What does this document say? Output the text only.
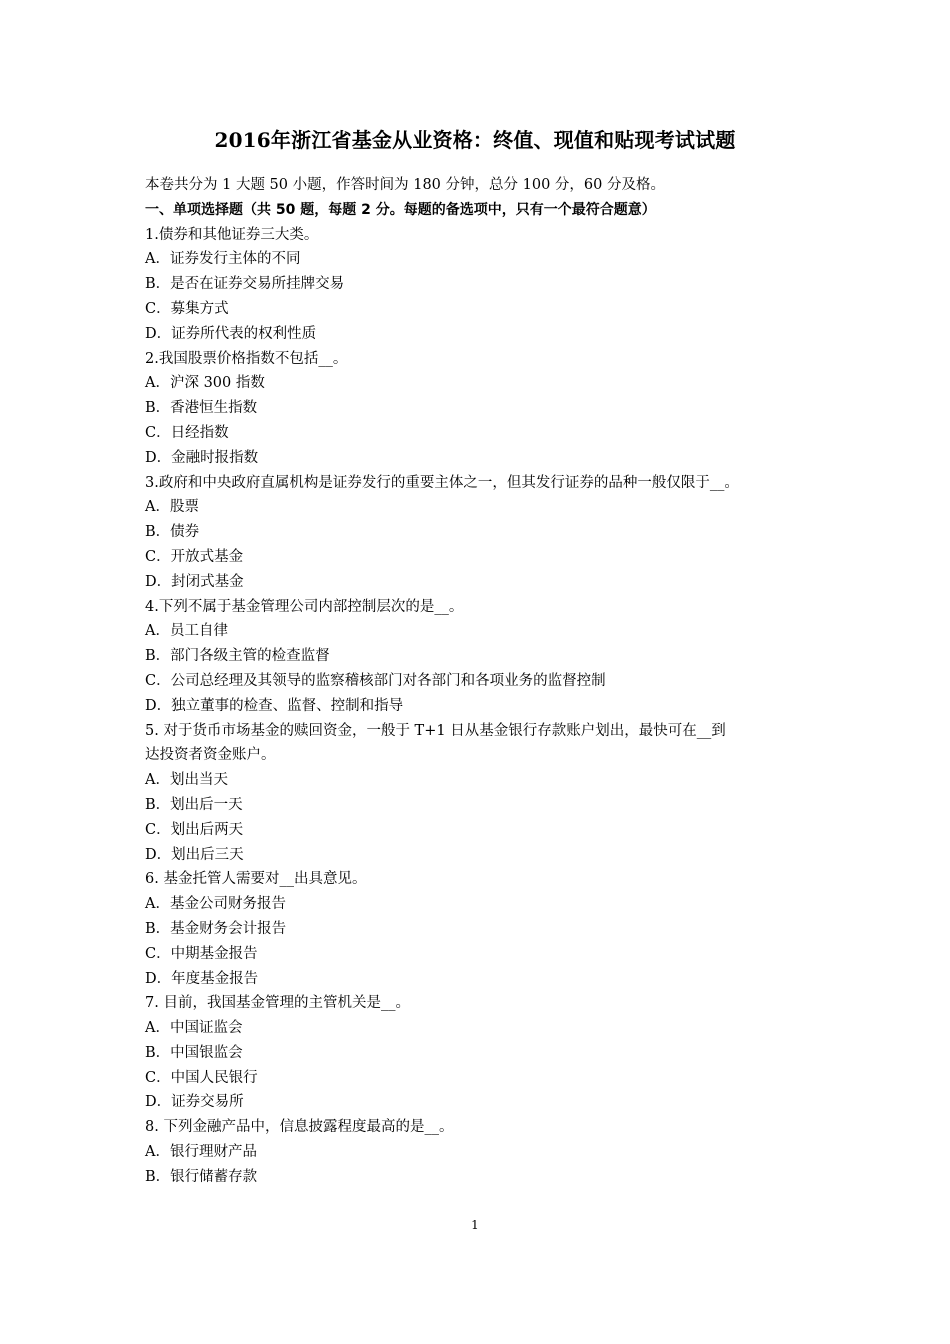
2016年浙江省基金从业资格：终值、现值和贴现考试试题
本卷共分为 1 大题 50 小题，作答时间为 180 分钟，总分 100 分，60 分及格。
一、单项选择题（共 50 题，每题 2 分。每题的备选项中，只有一个最符合题意）
1.债券和其他证券三大类。
A．证券发行主体的不同
B．是否在证券交易所挂牌交易
C．募集方式
D．证券所代表的权利性质
2.我国股票价格指数不包括__。
A．沪深 300 指数
B．香港恒生指数
C．日经指数
D．金融时报指数
3.政府和中央政府直属机构是证券发行的重要主体之一，但其发行证券的品种一般仅限于__。
A．股票
B．债券
C．开放式基金
D．封闭式基金
4.下列不属于基金管理公司内部控制层次的是__。
A．员工自律
B．部门各级主管的检查监督
C．公司总经理及其领导的监察稽核部门对各部门和各项业务的监督控制
D．独立董事的检查、监督、控制和指导
5. 对于货币市场基金的赎回资金，一般于 T+1 日从基金银行存款账户划出，最快可在__到
达投资者资金账户。
A．划出当天
B．划出后一天
C．划出后两天
D．划出后三天
6. 基金托管人需要对__出具意见。
A．基金公司财务报告
B．基金财务会计报告
C．中期基金报告
D．年度基金报告
7. 目前，我国基金管理的主管机关是__。
A．中国证监会
B．中国银监会
C．中国人民银行
D．证券交易所
8. 下列金融产品中，信息披露程度最高的是__。
A．银行理财产品
B．银行储蓄存款
1
